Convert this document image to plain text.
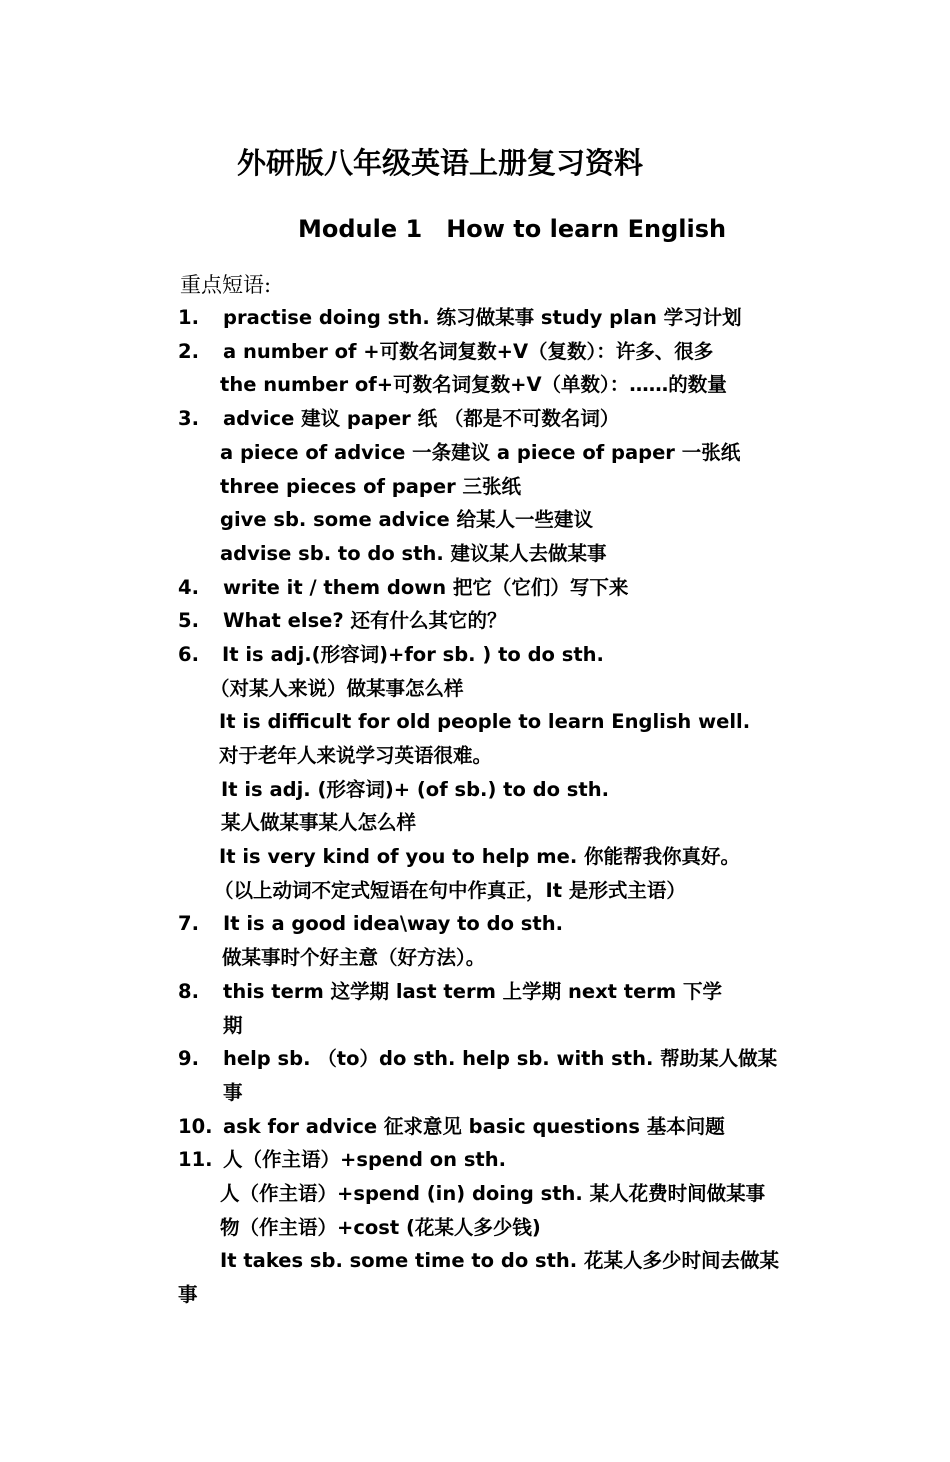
外研版八年级英语上册复习资料
Module 1　How to learn English
重点短语:
1. practise doing sth. 练习做某事 study plan 学习计划
2. a number of +可数名词复数+V（复数）：许多、很多
the number of+可数名词复数+V（单数）：……的数量
3. advice 建议 paper 纸 （都是不可数名词）
a piece of advice 一条建议 a piece of paper 一张纸
three pieces of paper 三张纸
give sb. some advice 给某人一些建议
advise sb. to do sth. 建议某人去做某事
4. write it / them down 把它（它们）写下来
5. What else? 还有什么其它的？
6. It is adj.(形容词)+for sb. ) to do sth.
（对某人来说）做某事怎么样
It is difficult for old people to learn English well.
对于老年人来说学习英语很难。
It is adj. (形容词)+ (of sb.) to do sth.
某人做某事某人怎么样
It is very kind of you to help me. 你能帮我你真好。
（以上动词不定式短语在句中作真正，It 是形式主语）
7. It is a good idea\way to do sth.
做某事时个好主意（好方法）。
8. this term 这学期 last term 上学期 next term 下学
期
9. help sb. （to）do sth. help sb. with sth. 帮助某人做某
事
10. ask for advice 征求意见 basic questions 基本问题
11. 人（作主语）+spend on sth.
人（作主语）+spend (in) doing sth. 某人花费时间做某事
物（作主语）+cost (花某人多少钱)
It takes sb. some time to do sth. 花某人多少时间去做某
事
